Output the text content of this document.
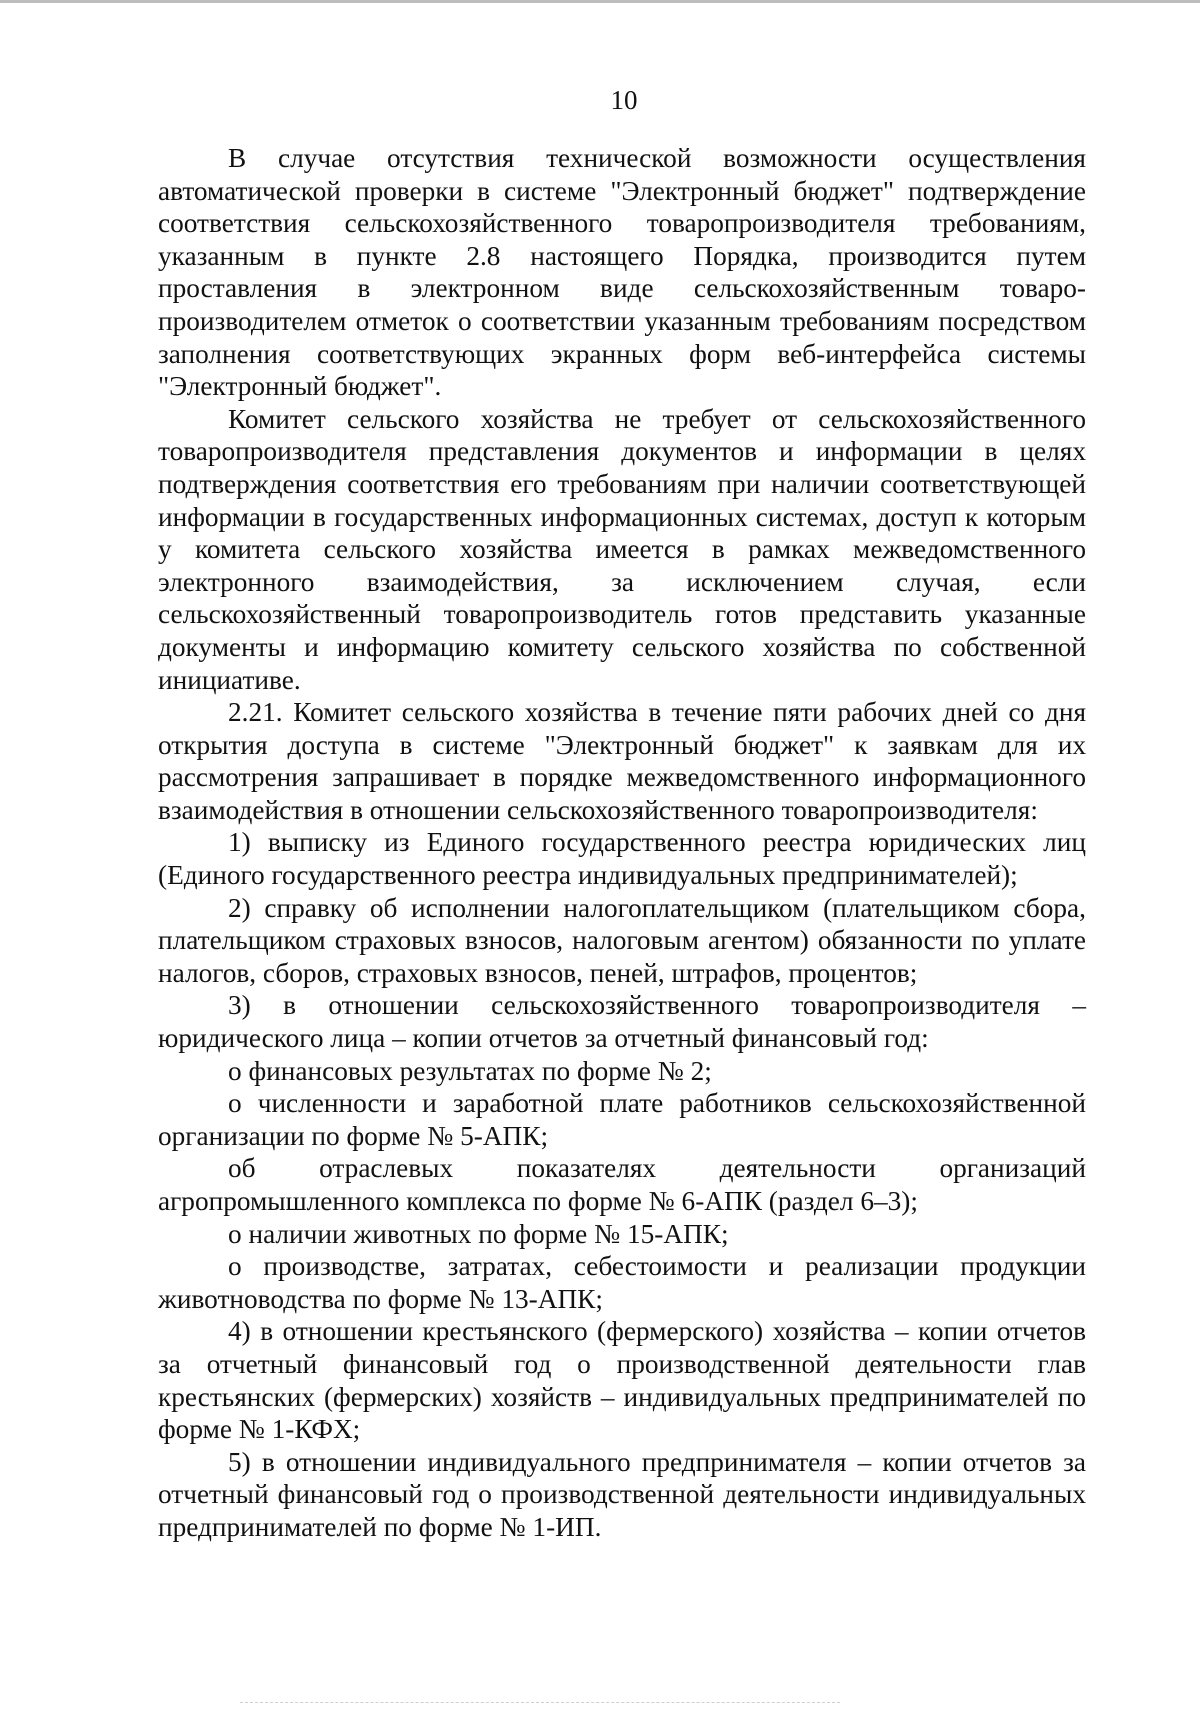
10

В случае отсутствия технической возможности осуществления автоматической проверки в системе "Электронный бюджет" подтверждение соответствия сельскохозяйственного товаропроизводителя требованиям, указанным в пункте 2.8 настоящего Порядка, производится путем проставления в электронном виде сельскохозяйственным товаро-производителем отметок о соответствии указанным требованиям посредством заполнения соответствующих экранных форм веб-интерфейса системы "Электронный бюджет".

Комитет сельского хозяйства не требует от сельскохозяйственного товаропроизводителя представления документов и информации в целях подтверждения соответствия его требованиям при наличии соответствующей информации в государственных информационных системах, доступ к которым у комитета сельского хозяйства имеется в рамках межведомственного электронного взаимодействия, за исключением случая, если сельскохозяйственный товаропроизводитель готов представить указанные документы и информацию комитету сельского хозяйства по собственной инициативе.

2.21. Комитет сельского хозяйства в течение пяти рабочих дней со дня открытия доступа в системе "Электронный бюджет" к заявкам для их рассмотрения запрашивает в порядке межведомственного информационного взаимодействия в отношении сельскохозяйственного товаропроизводителя:

1) выписку из Единого государственного реестра юридических лиц (Единого государственного реестра индивидуальных предпринимателей);

2) справку об исполнении налогоплательщиком (плательщиком сбора, плательщиком страховых взносов, налоговым агентом) обязанности по уплате налогов, сборов, страховых взносов, пеней, штрафов, процентов;

3) в отношении сельскохозяйственного товаропроизводителя – юридического лица – копии отчетов за отчетный финансовый год:

о финансовых результатах по форме № 2;

о численности и заработной плате работников сельскохозяйственной организации по форме № 5-АПК;

об отраслевых показателях деятельности организаций агропромышленного комплекса по форме № 6-АПК (раздел 6–3);

о наличии животных по форме № 15-АПК;

о производстве, затратах, себестоимости и реализации продукции животноводства по форме № 13-АПК;

4) в отношении крестьянского (фермерского) хозяйства – копии отчетов за отчетный финансовый год о производственной деятельности глав крестьянских (фермерских) хозяйств – индивидуальных предпринимателей по форме № 1-КФХ;

5) в отношении индивидуального предпринимателя – копии отчетов за отчетный финансовый год о производственной деятельности индивидуальных предпринимателей по форме № 1-ИП.
